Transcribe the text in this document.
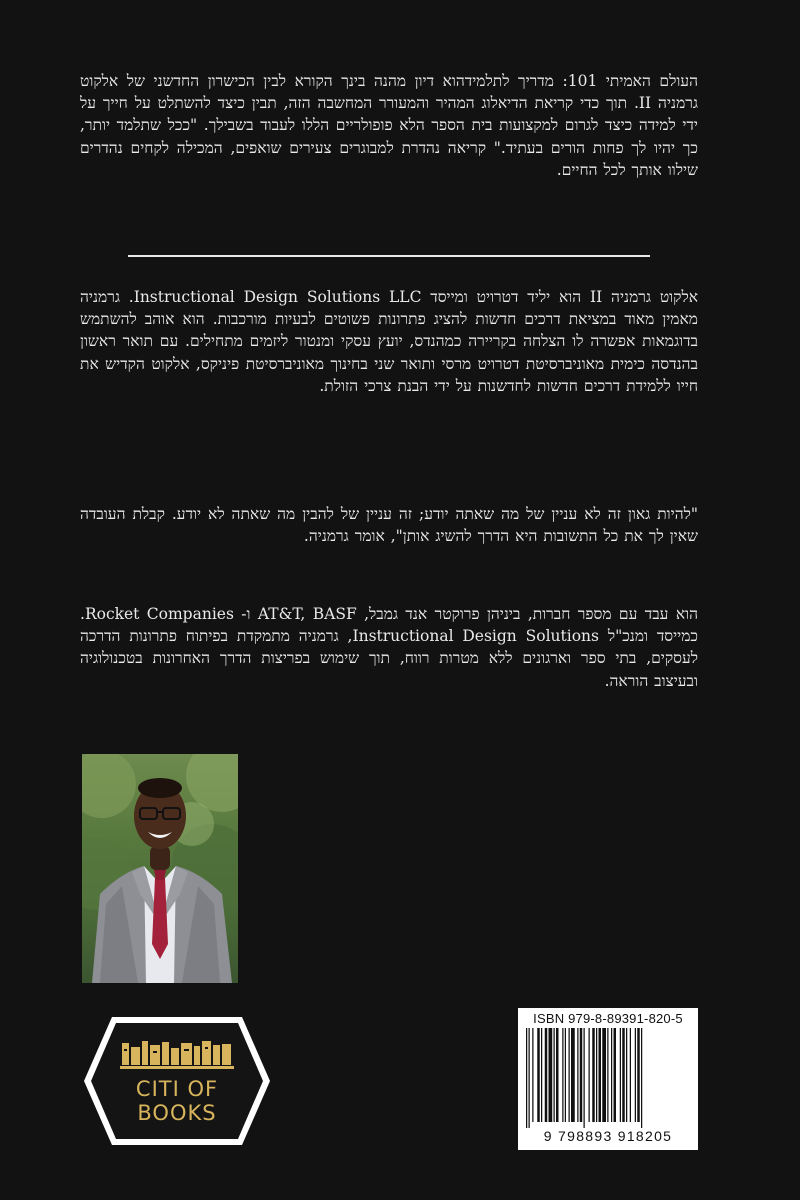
העולם האמיתי 101: מדריך לתלמידהוא דיון מהנה בינך הקורא לבין הכישרון החדשני של אלקוט גרמניה II. תוך כדי קריאת הדיאלוג המהיר והמעורר המחשבה הזה, תבין כיצד להשתלט על חייך על ידי למידה כיצד לגרום למקצועות בית הספר הלא פופולריים הללו לעבוד בשבילך. "ככל שתלמד יותר, כך יהיו לך פחות הורים בעתיד." קריאה נהדרת למבוגרים צעירים שואפים, המכילה לקחים נהדרים שילוו אותך לכל החיים.

אלקוט גרמניה II הוא יליד דטרויט ומייסד Instructional Design Solutions LLC. גרמניה מאמין מאוד במציאת דרכים חדשות להציג פתרונות פשוטים לבעיות מורכבות. הוא אוהב להשתמש בדוגמאות אפשרה לו הצלחה בקריירה כמהנדס, יועץ עסקי ומנטור ליזמים מתחילים. עם תואר ראשון בהנדסה כימית מאוניברסיטת דטרויט מרסי ותואר שני בחינוך מאוניברסיטת פיניקס, אלקוט הקדיש את חייו ללמידת דרכים חדשות לחדשנות על ידי הבנת צרכי הזולת.

"להיות גאון זה לא עניין של מה שאתה יודע; זה עניין של להבין מה שאתה לא יודע. קבלת העובדה שאין לך את כל התשובות היא הדרך להשיג אותן", אומר גרמניה.

הוא עבד עם מספר חברות, ביניהן פרוקטר אנד גמבל, AT&T, BASF ו- Rocket Companies. כמייסד ומנכ"ל Instructional Design Solutions, גרמניה מתמקדת בפיתוח פתרונות הדרכה לעסקים, בתי ספר וארגונים ללא מטרות רווח, תוך שימוש בפריצות הדרך האחרונות בטכנולוגיה ובעיצוב הוראה.

CITI OF
BOOKS
ISBN 979-8-89391-820-5
9 798893 918205
